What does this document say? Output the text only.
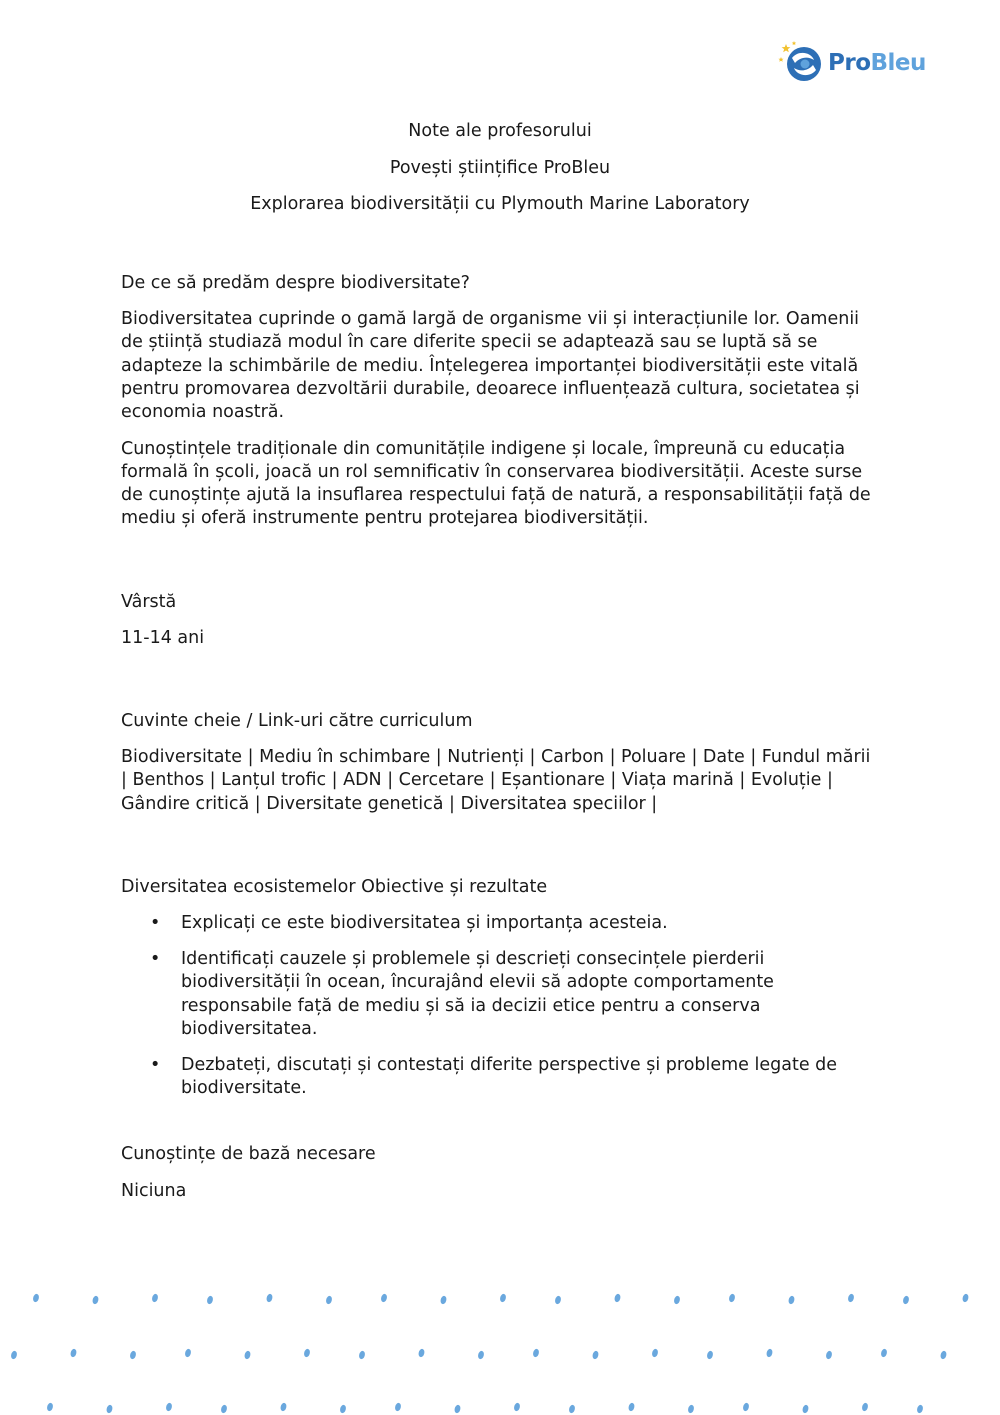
ProBleu

Note ale profesorului

Povești științifice ProBleu

Explorarea biodiversității cu Plymouth Marine Laboratory

De ce să predăm despre biodiversitate?

Biodiversitatea cuprinde o gamă largă de organisme vii și interacțiunile lor. Oamenii de știință studiază modul în care diferite specii se adaptează sau se luptă să se adapteze la schimbările de mediu. Înțelegerea importanței biodiversității este vitală pentru promovarea dezvoltării durabile, deoarece influențează cultura, societatea și economia noastră.

Cunoștințele tradiționale din comunitățile indigene și locale, împreună cu educația formală în școli, joacă un rol semnificativ în conservarea biodiversității. Aceste surse de cunoștințe ajută la insuflarea respectului față de natură, a responsabilității față de mediu și oferă instrumente pentru protejarea biodiversității.

Vârstă

11-14 ani

Cuvinte cheie / Link-uri către curriculum

Biodiversitate | Mediu în schimbare | Nutrienți | Carbon | Poluare | Date | Fundul mării | Benthos | Lanțul trofic | ADN | Cercetare | Eșantionare | Viața marină | Evoluție | Gândire critică | Diversitate genetică | Diversitatea speciilor |

Diversitatea ecosistemelor Obiective și rezultate

• Explicați ce este biodiversitatea și importanța acesteia.
• Identificați cauzele și problemele și descrieți consecințele pierderii biodiversității în ocean, încurajând elevii să adopte comportamente responsabile față de mediu și să ia decizii etice pentru a conserva biodiversitatea.
• Dezbateți, discutați și contestați diferite perspective și probleme legate de biodiversitate.

Cunoștințe de bază necesare

Niciuna
